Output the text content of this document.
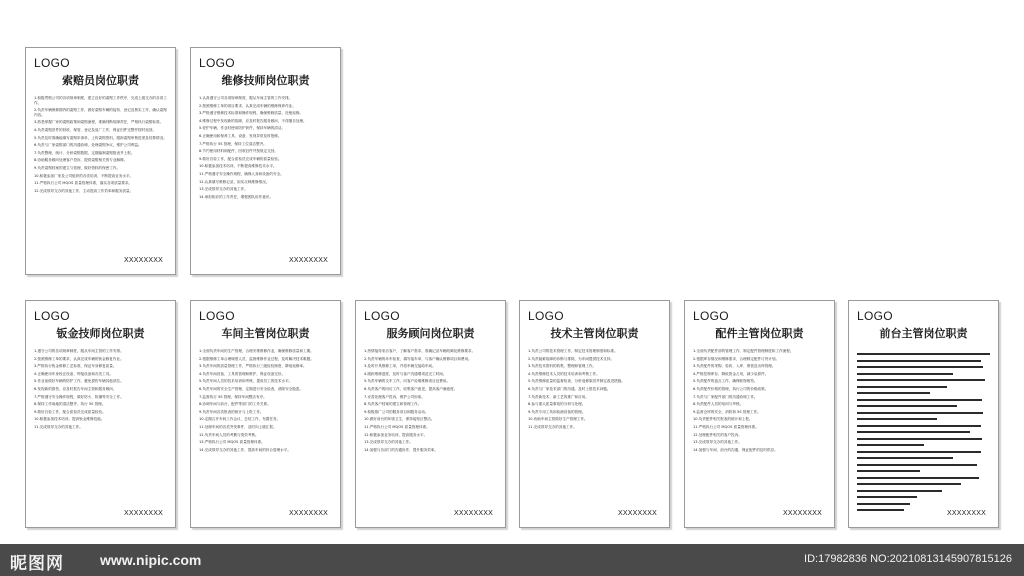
LOGO
索赔员岗位职责
1.积极贯彻公司的各项规章制度，建立良好的索赔工作秩序，完成上级交办的各项工作。
2.负责车辆保修期内的索赔工作，做好索赔车辆的接待、登记及核实工作，确认索赔内容。
3.熟悉掌握厂家的索赔政策和索赔流程，准确判断故障责任，严格执行索赔标准。
4.负责索赔旧件的回收、保管、登记及返厂工作，保证旧件完整并按时返回。
5.负责及时准确地填写索赔申请单，上传索赔资料，跟踪索赔审核进度及结算情况。
6.负责与厂家索赔部门的沟通协调，处理索赔争议，维护公司利益。
7.负责整理、统计、分析索赔数据，定期编制索赔报表并上报。
8.协助服务顾问处理客户投诉，提供索赔相关的专业解释。
9.负责索赔档案的建立与管理，做好资料的保密工作。
10.积极参加厂家及公司组织的各类培训，不断提高业务水平。
11.严格执行公司 MQOS 质量管理体系，落实各项质量要求。
12.完成领导交办的其他工作，主动提高工作效率和服务质量。
XXXXXXXX
LOGO
维修技师岗位职责
1.认真遵守公司各项规章制度，服从车间主管的工作安排。
2.按照维修工单的项目要求，认真完成车辆的维修保养作业。
3.严格遵守维修技术标准和操作规程，确保维修质量，杜绝返修。
4.维修过程中发现新的故障，应及时报告服务顾问，不得擅自处理。
5.爱护车辆，作业时使用防护套件，保持车辆的清洁。
6.正确使用和保养工具、设备，发现异常及时报修。
7.严格执行 5S 管理，保持工位清洁整齐。
8.节约使用材料和配件，回收旧件并按规定交回。
9.做好自检工作，配合质检员完成车辆的质量检验。
10.积极参加技术培训，不断提高维修技术水平。
11.严格遵守安全操作规程，确保人身和设备的安全。
12.认真填写维修记录，如实反映维修情况。
13.完成领导交办的其他工作。
14.承担相应的工作责任，增强团队协作意识。
XXXXXXXX
LOGO
钣金技师岗位职责
1.遵守公司的各项规章制度，服从车间主管的工作安排。
2.按照维修工单的要求，认真完成车辆的钣金修复作业。
3.严格执行钣金维修工艺标准，保证车身修复质量。
4.正确使用车身校正设备、焊接设备和各类工具。
5.作业前做好车辆的防护工作，避免损伤车辆其他部位。
6.发现新的损伤，应及时报告车间主管和服务顾问。
7.严格遵守安全操作规程，做好防火、防爆等安全工作。
8.保持工作场地的清洁整齐，执行 5S 管理。
9.做好自检工作，配合质检员完成质量检验。
10.积极参加技术培训，提高钣金维修技能。
11.完成领导交办的其他工作。
XXXXXXXX
LOGO
车间主管岗位职责
1.全面负责车间的生产管理，合理安排维修作业，确保维修质量和工期。
2.根据维修工单合理调度人员，监督维修作业过程，及时解决技术难题。
3.负责车间的质量管理工作，严格执行三级检验制度，降低返修率。
4.负责车间设备、工具的管理和维护，保证设备完好。
5.负责车间人员的技术培训和考核，提高员工的技术水平。
6.负责车间的安全生产管理，定期进行安全检查，消除安全隐患。
7.监督执行 5S 管理，保持车间整洁有序。
8.协调车间与前台、配件等部门的工作关系。
9.负责车间各类报表的统计与上报工作。
10.定期召开车间工作会议，总结工作，布置任务。
11.处理车间的各类突发事件，及时向上级汇报。
12.负责车间人员的考勤与绩效考核。
13.严格执行公司 MQOS 质量管理体系。
14.完成领导交办的其他工作，提高车间的综合管理水平。
XXXXXXXX
LOGO
服务顾问岗位职责
1.热情接待来店客户，了解客户需求，准确记录车辆故障及维修要求。
2.负责车辆的环车检查，填写接车单，与客户确认维修项目和费用。
3.及时开具维修工单，并将车辆交接给车间。
4.跟踪维修进度，及时与客户沟通增项及完工时间。
5.负责车辆的交车工作，向客户说明维修项目及费用。
6.负责客户的回访工作，收集客户意见，提高客户满意度。
7.妥善处理客户投诉，维护公司形象。
8.负责客户档案的建立和管理工作。
9.积极推广公司的服务项目和服务活动。
10.做好前台的环境卫生，保持接待区整洁。
11.严格执行公司 MQOS 质量管理体系。
12.积极参加业务培训，提高服务水平。
13.完成领导交办的其他工作。
14.加强与各部门的沟通协作，提升服务效率。
XXXXXXXX
LOGO
技术主管岗位职责
1.负责公司的技术管理工作，制定技术管理制度和标准。
2.负责疑难故障的诊断与排除，为车间提供技术支持。
3.负责技术资料的收集、整理和管理工作。
4.负责维修技术人员的技术培训和考核工作。
5.负责维修质量的监督检查，分析返修原因并制定改进措施。
6.负责与厂家技术部门的沟通，及时上报技术问题。
7.负责新技术、新工艺的推广和应用。
8.参与重大质量事故的分析与处理。
9.负责专用工具和检测设备的管理。
10.协助车间主管做好生产管理工作。
11.完成领导交办的其他工作。
XXXXXXXX
LOGO
配件主管岗位职责
1.全面负责配件部的管理工作，制定配件管理制度和工作流程。
2.根据库存情况和维修需求，合理制定配件订货计划。
3.负责配件的采购、验收、入库、保管及出库管理。
4.严格控制库存，降低资金占用，减少呆滞件。
5.负责配件的盘点工作，确保账物相符。
6.负责配件价格的管理，执行公司的价格政策。
7.负责与厂家配件部门的沟通协调工作。
8.负责配件人员的培训与考核。
9.监督仓库的安全、消防和 5S 管理工作。
10.负责配件相关报表的统计和上报。
11.严格执行公司 MQOS 质量管理体系。
12.处理配件相关的客户投诉。
13.完成领导交办的其他工作。
14.加强与车间、前台的沟通，保证配件的及时供应。
XXXXXXXX
LOGO
前台主管岗位职责
XXXXXXXX
昵图网	www.nipic.com	ID:17982836 NO:20210813145907815126
